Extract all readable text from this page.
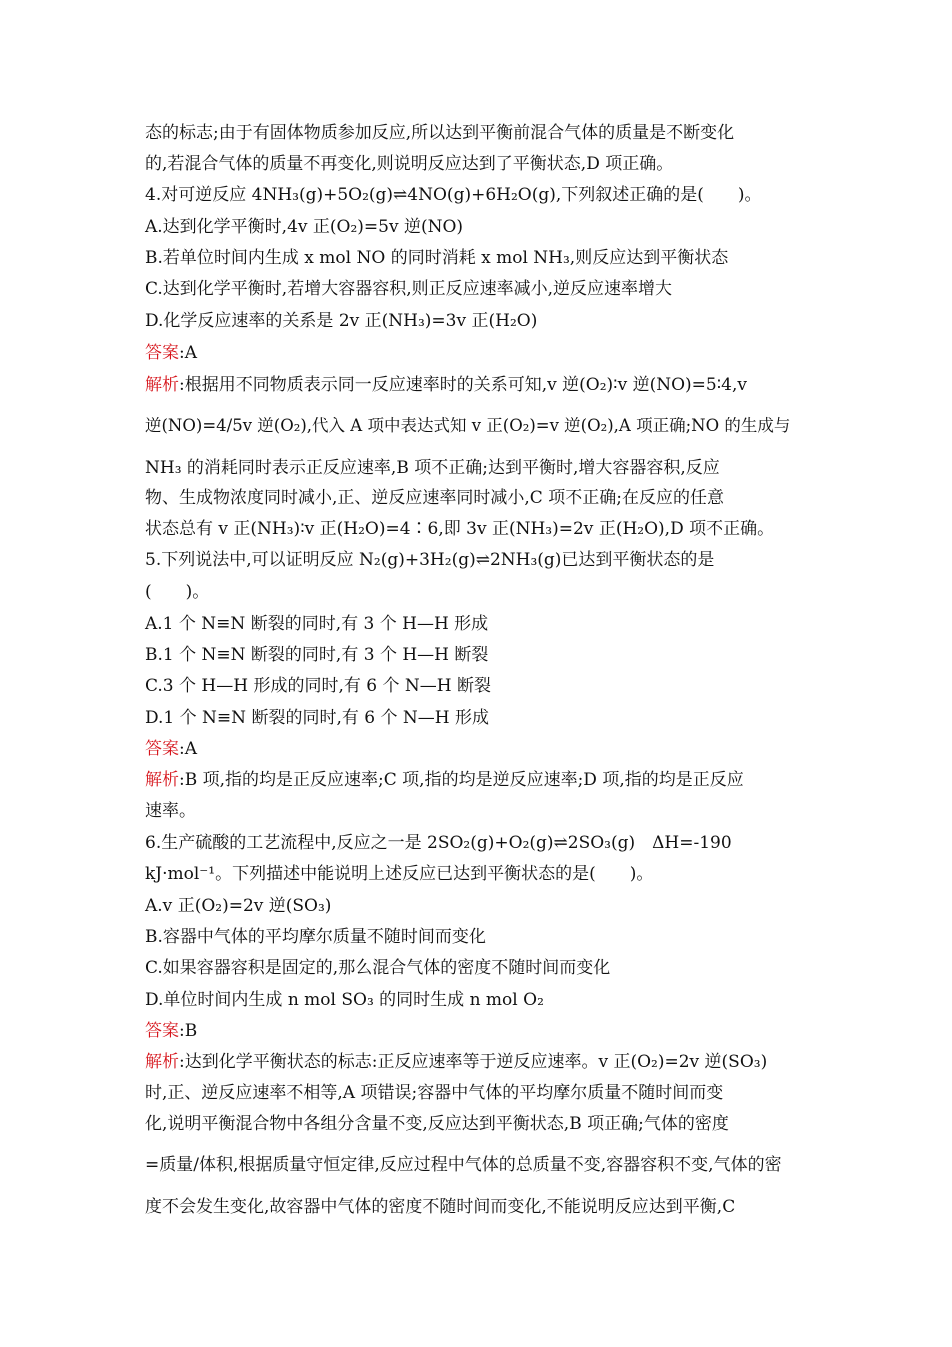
态的标志;由于有固体物质参加反应,所以达到平衡前混合气体的质量是不断变化
的,若混合气体的质量不再变化,则说明反应达到了平衡状态,D 项正确。
4.对可逆反应 4NH₃(g)+5O₂(g)⇌4NO(g)+6H₂O(g),下列叙述正确的是(　　)。
A.达到化学平衡时,4v 正(O₂)=5v 逆(NO)
B.若单位时间内生成 x mol NO 的同时消耗 x mol NH₃,则反应达到平衡状态
C.达到化学平衡时,若增大容器容积,则正反应速率减小,逆反应速率增大
D.化学反应速率的关系是 2v 正(NH₃)=3v 正(H₂O)
答案:A
解析:根据用不同物质表示同一反应速率时的关系可知,v 逆(O₂)∶v 逆(NO)=5∶4,v
逆(NO)=4/5v 逆(O₂),代入 A 项中表达式知 v 正(O₂)=v 逆(O₂),A 项正确;NO 的生成与
NH₃ 的消耗同时表示正反应速率,B 项不正确;达到平衡时,增大容器容积,反应
物、生成物浓度同时减小,正、逆反应速率同时减小,C 项不正确;在反应的任意
状态总有 v 正(NH₃)∶v 正(H₂O)=4∶6,即 3v 正(NH₃)=2v 正(H₂O),D 项不正确。
5.下列说法中,可以证明反应 N₂(g)+3H₂(g)⇌2NH₃(g)已达到平衡状态的是
(　　)。
A.1 个 N≡N 断裂的同时,有 3 个 H—H 形成
B.1 个 N≡N 断裂的同时,有 3 个 H—H 断裂
C.3 个 H—H 形成的同时,有 6 个 N—H 断裂
D.1 个 N≡N 断裂的同时,有 6 个 N—H 形成
答案:A
解析:B 项,指的均是正反应速率;C 项,指的均是逆反应速率;D 项,指的均是正反应
速率。
6.生产硫酸的工艺流程中,反应之一是 2SO₂(g)+O₂(g)⇌2SO₃(g)　ΔH=-190
kJ·mol⁻¹。下列描述中能说明上述反应已达到平衡状态的是(　　)。
A.v 正(O₂)=2v 逆(SO₃)
B.容器中气体的平均摩尔质量不随时间而变化
C.如果容器容积是固定的,那么混合气体的密度不随时间而变化
D.单位时间内生成 n mol SO₃ 的同时生成 n mol O₂
答案:B
解析:达到化学平衡状态的标志:正反应速率等于逆反应速率。v 正(O₂)=2v 逆(SO₃)
时,正、逆反应速率不相等,A 项错误;容器中气体的平均摩尔质量不随时间而变
化,说明平衡混合物中各组分含量不变,反应达到平衡状态,B 项正确;气体的密度
=质量/体积,根据质量守恒定律,反应过程中气体的总质量不变,容器容积不变,气体的密
度不会发生变化,故容器中气体的密度不随时间而变化,不能说明反应达到平衡,C
